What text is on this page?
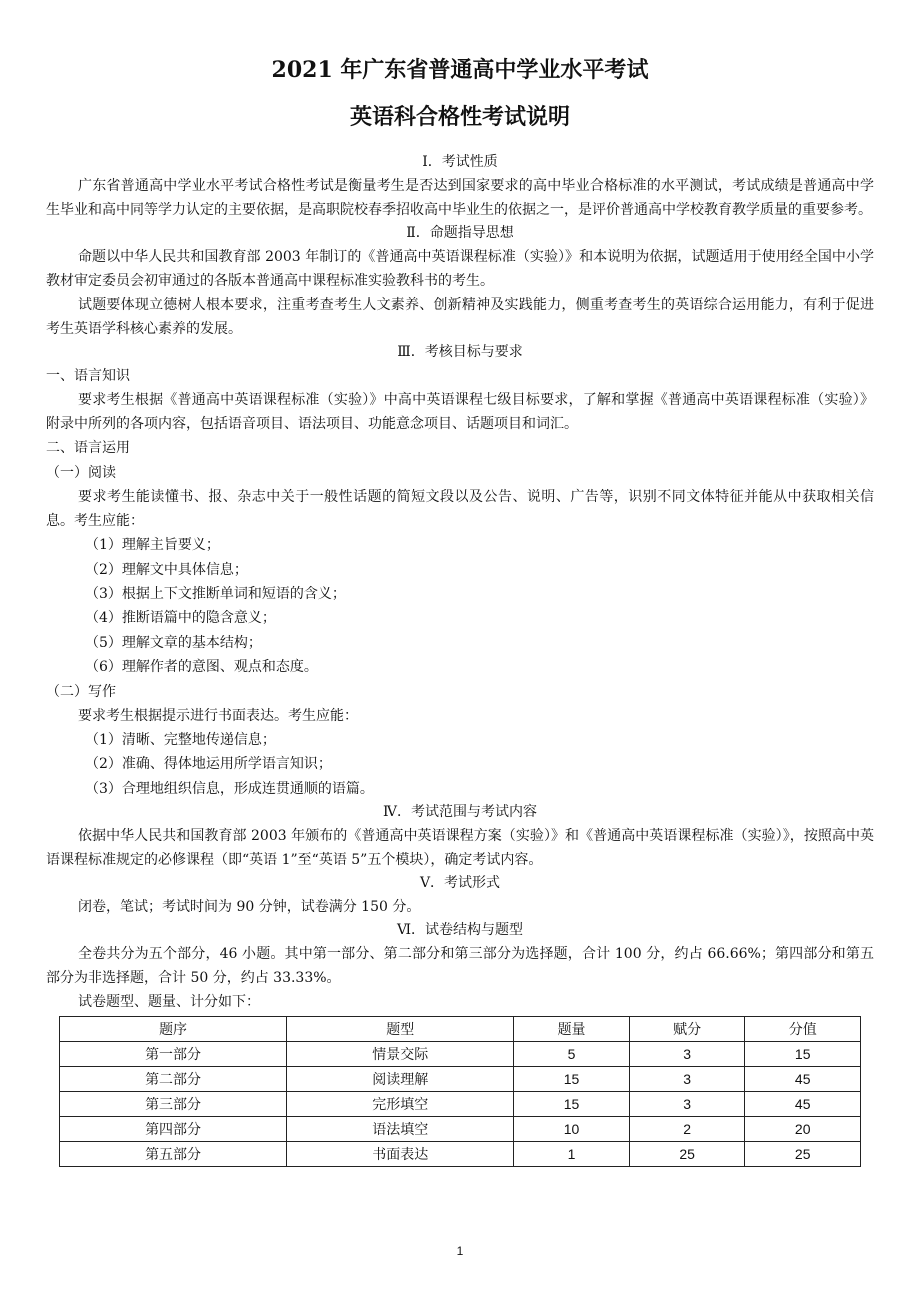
2021 年广东省普通高中学业水平考试

英语科合格性考试说明

Ⅰ．考试性质

广东省普通高中学业水平考试合格性考试是衡量考生是否达到国家要求的高中毕业合格标准的水平测试，考试成绩是普通高中学生毕业和高中同等学力认定的主要依据，是高职院校春季招收高中毕业生的依据之一，是评价普通高中学校教育教学质量的重要参考。

Ⅱ．命题指导思想

命题以中华人民共和国教育部 2003 年制订的《普通高中英语课程标准（实验）》和本说明为依据，试题适用于使用经全国中小学教材审定委员会初审通过的各版本普通高中课程标准实验教科书的考生。

试题要体现立德树人根本要求，注重考查考生人文素养、创新精神及实践能力，侧重考查考生的英语综合运用能力，有利于促进考生英语学科核心素养的发展。

Ⅲ．考核目标与要求

一、语言知识

要求考生根据《普通高中英语课程标准（实验）》中高中英语课程七级目标要求，了解和掌握《普通高中英语课程标准（实验）》附录中所列的各项内容，包括语音项目、语法项目、功能意念项目、话题项目和词汇。

二、语言运用

（一）阅读

要求考生能读懂书、报、杂志中关于一般性话题的简短文段以及公告、说明、广告等，识别不同文体特征并能从中获取相关信息。考生应能：

（1）理解主旨要义；

（2）理解文中具体信息；

（3）根据上下文推断单词和短语的含义；

（4）推断语篇中的隐含意义；

（5）理解文章的基本结构；

（6）理解作者的意图、观点和态度。

（二）写作

要求考生根据提示进行书面表达。考生应能：

（1）清晰、完整地传递信息；

（2）准确、得体地运用所学语言知识；

（3）合理地组织信息，形成连贯通顺的语篇。

Ⅳ．考试范围与考试内容

依据中华人民共和国教育部 2003 年颁布的《普通高中英语课程方案（实验）》和《普通高中英语课程标准（实验）》，按照高中英语课程标准规定的必修课程（即“英语 1”至“英语 5”五个模块），确定考试内容。

Ⅴ．考试形式

闭卷，笔试；考试时间为 90 分钟，试卷满分 150 分。

Ⅵ．试卷结构与题型

全卷共分为五个部分，46 小题。其中第一部分、第二部分和第三部分为选择题，合计 100 分，约占 66.66%；第四部分和第五部分为非选择题，合计 50 分，约占 33.33%。

试卷题型、题量、计分如下：

题序	题型	题量	赋分	分值
第一部分	情景交际	5	3	15
第二部分	阅读理解	15	3	45
第三部分	完形填空	15	3	45
第四部分	语法填空	10	2	20
第五部分	书面表达	1	25	25
1
